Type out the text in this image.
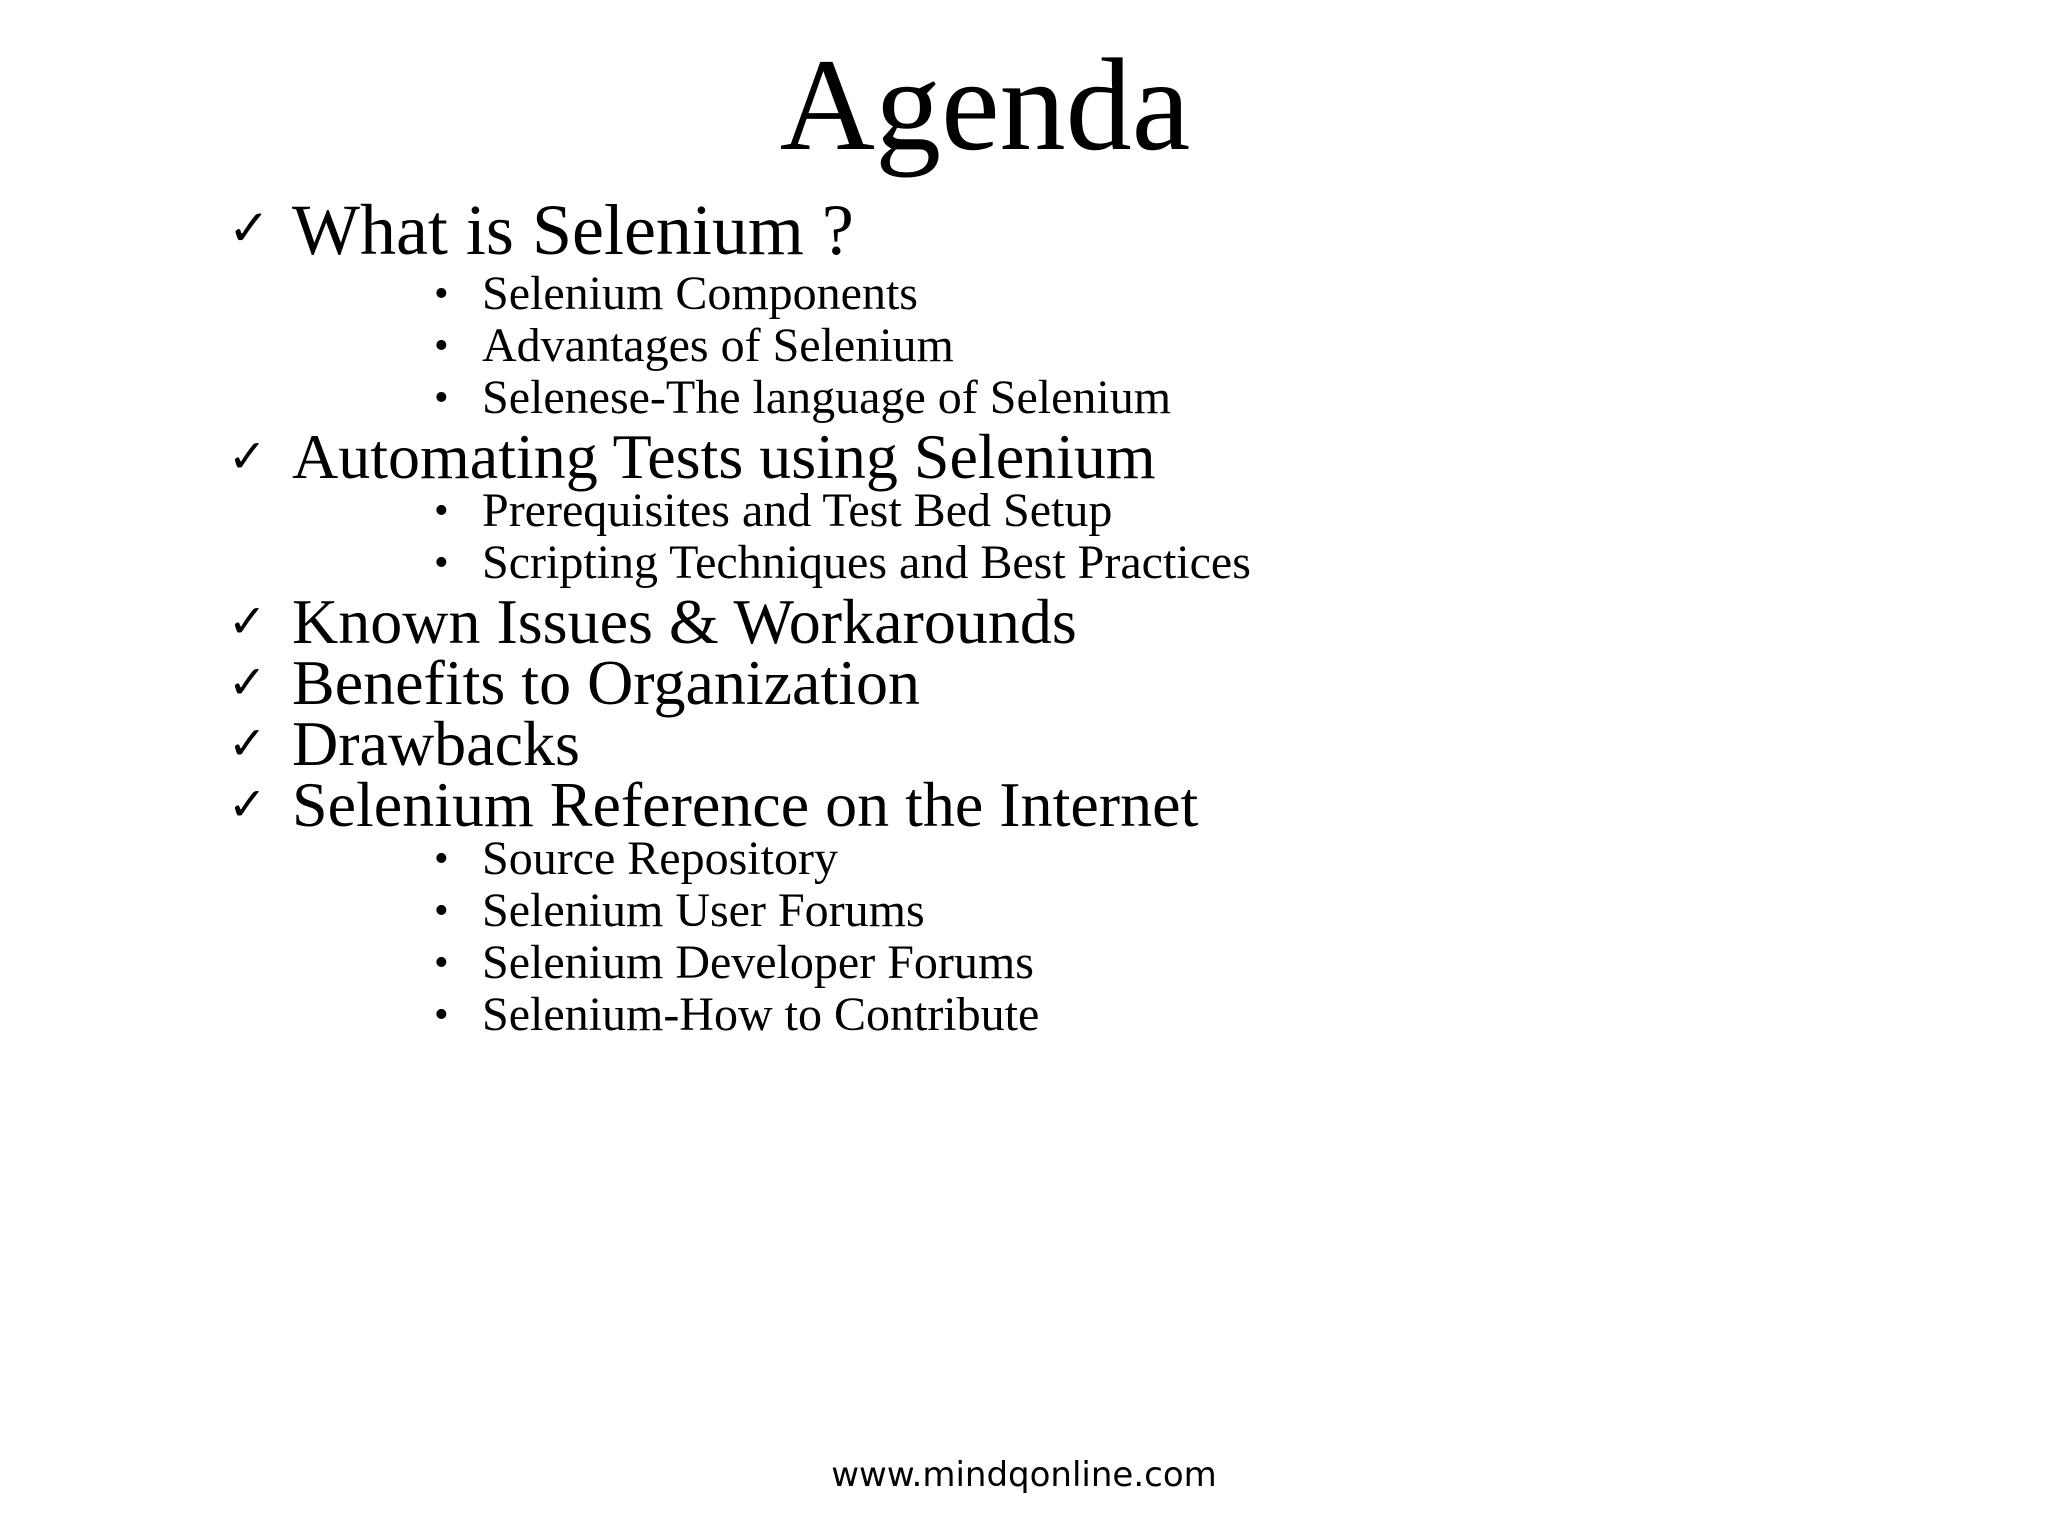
Agenda
✓ What is Selenium ?
• Selenium Components
• Advantages of Selenium
• Selenese-The language of Selenium
✓ Automating Tests using Selenium
• Prerequisites and Test Bed Setup
• Scripting Techniques and Best Practices
✓ Known Issues & Workarounds
✓ Benefits to Organization
✓ Drawbacks
✓ Selenium Reference on the Internet
• Source Repository
• Selenium User Forums
• Selenium Developer Forums
• Selenium-How to Contribute
www.mindqonline.com
